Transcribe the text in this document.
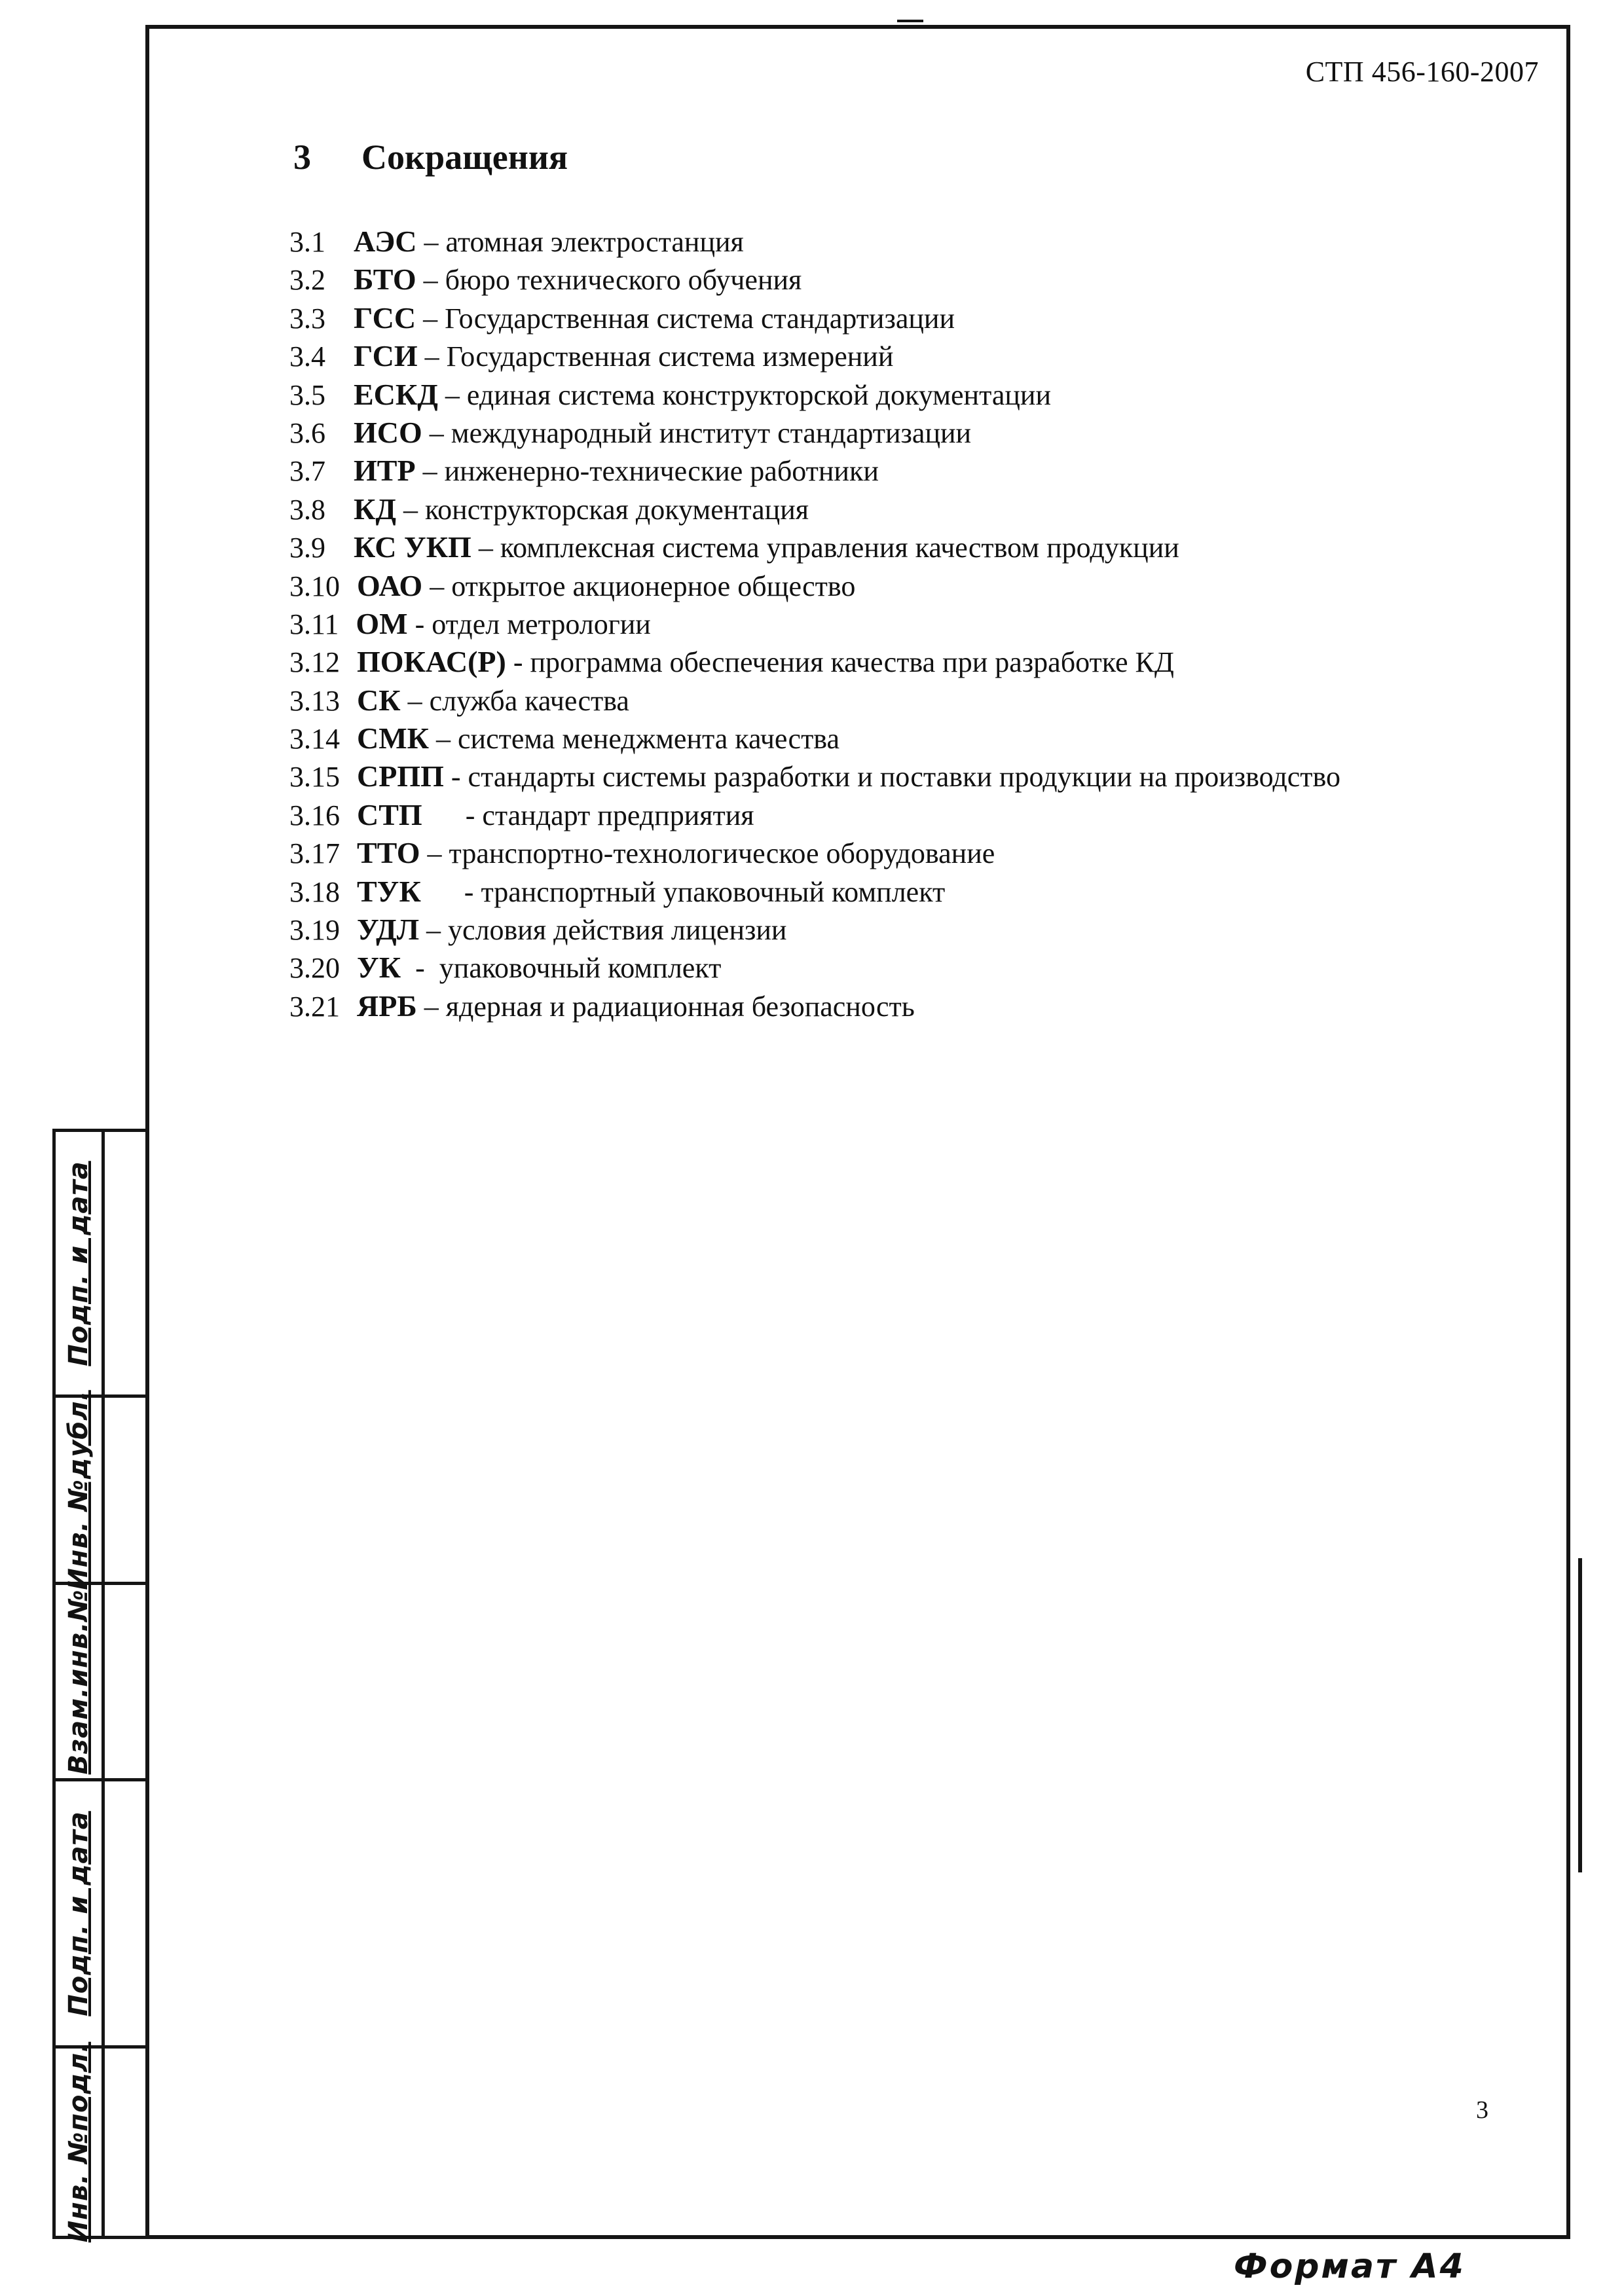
СТП 456-160-2007
3 Сокращения
3.1 АЭС – атомная электростанция
3.2 БТО – бюро технического обучения
3.3 ГСС – Государственная система стандартизации
3.4 ГСИ – Государственная система измерений
3.5 ЕСКД – единая система конструкторской документации
3.6 ИСО – международный институт стандартизации
3.7 ИТР – инженерно-технические работники
3.8 КД – конструкторская документация
3.9 КС УКП – комплексная система управления качеством продукции
3.10 ОАО – открытое акционерное общество
3.11 ОМ - отдел метрологии
3.12 ПОКАС(Р) - программа обеспечения качества при разработке КД
3.13 СК – служба качества
3.14 СМК – система менеджмента качества
3.15 СРПП - стандарты системы разработки и поставки продукции на производство
3.16 СТП      - стандарт предприятия
3.17 ТТО – транспортно-технологическое оборудование
3.18 ТУК      - транспортный упаковочный комплект
3.19 УДЛ – условия действия лицензии
3.20 УК  -  упаковочный комплект
3.21 ЯРБ – ядерная и радиационная безопасность
3
Подп. и дата
Инв. №дубл.
Взам.инв.№
Подп. и дата
Инв. №подл.
Формат А4
